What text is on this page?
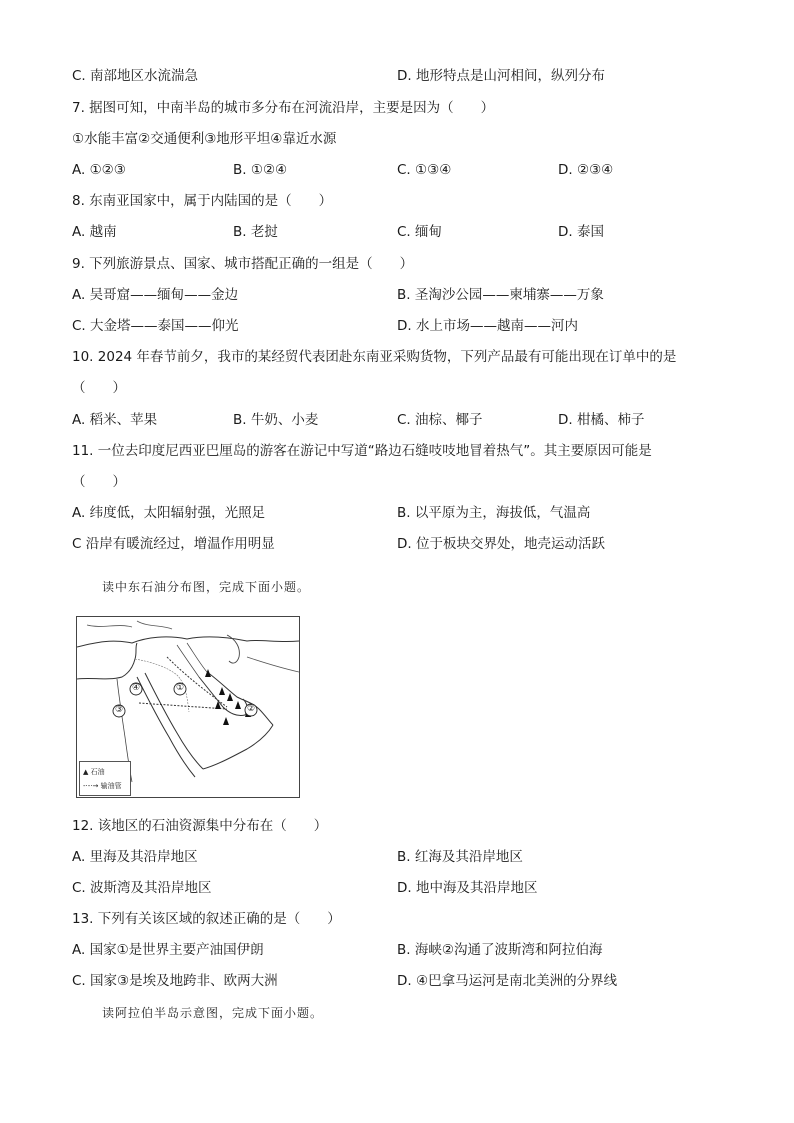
C. 南部地区水流湍急	D. 地形特点是山河相间，纵列分布
7. 据图可知，中南半岛的城市多分布在河流沿岸，主要是因为（　　）
①水能丰富②交通便利③地形平坦④靠近水源
A. ①②③	B. ①②④	C. ①③④	D. ②③④
8. 东南亚国家中，属于内陆国的是（　　）
A. 越南	B. 老挝	C. 缅甸	D. 泰国
9. 下列旅游景点、国家、城市搭配正确的一组是（　　）
A. 吴哥窟——缅甸——金边	B. 圣淘沙公园——柬埔寨——万象
C. 大金塔——泰国——仰光	D. 水上市场——越南——河内
10. 2024 年春节前夕，我市的某经贸代表团赴东南亚采购货物，下列产品最有可能出现在订单中的是
（　　）
A. 稻米、苹果	B. 牛奶、小麦	C. 油棕、椰子	D. 柑橘、柿子
11. 一位去印度尼西亚巴厘岛的游客在游记中写道“路边石缝吱吱地冒着热气”。其主要原因可能是
（　　）
A. 纬度低，太阳辐射强，光照足	B. 以平原为主，海拔低，气温高
C 沿岸有暖流经过，增温作用明显	D. 位于板块交界处，地壳运动活跃
读中东石油分布图，完成下面小题。
①
②
③
④
▲ 石油
-·-·→ 输油管
12. 该地区的石油资源集中分布在（　　）
A. 里海及其沿岸地区	B. 红海及其沿岸地区
C. 波斯湾及其沿岸地区	D. 地中海及其沿岸地区
13. 下列有关该区域的叙述正确的是（　　）
A. 国家①是世界主要产油国伊朗	B. 海峡②沟通了波斯湾和阿拉伯海
C. 国家③是埃及地跨非、欧两大洲	D. ④巴拿马运河是南北美洲的分界线
读阿拉伯半岛示意图，完成下面小题。
